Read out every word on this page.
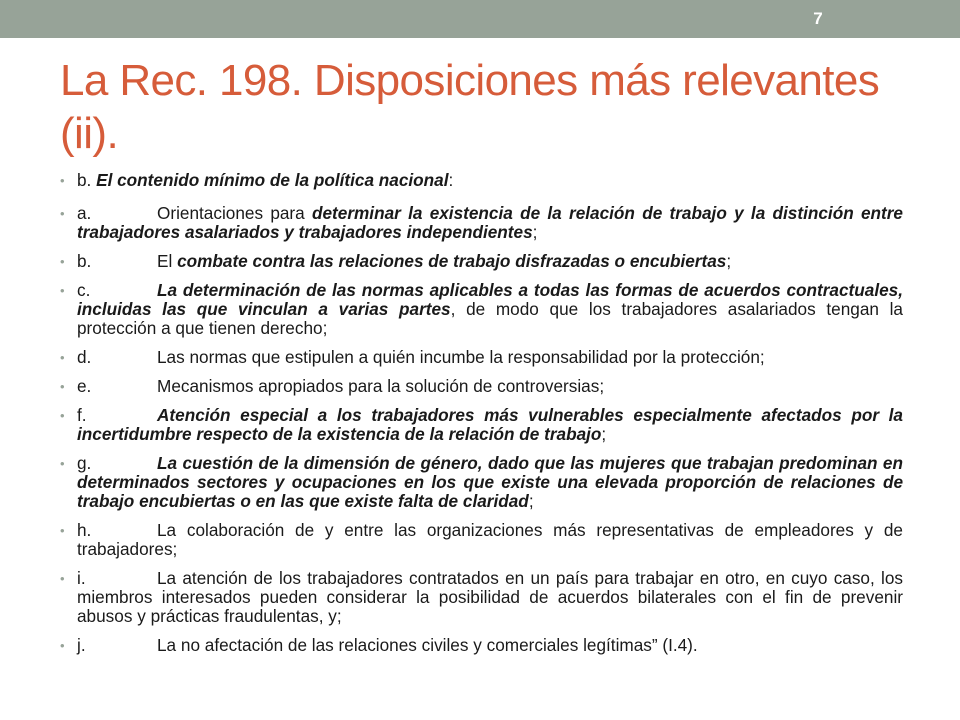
7
La Rec. 198. Disposiciones más relevantes (ii).
• b. El contenido mínimo de la política nacional:
• a.	Orientaciones para determinar la existencia de la relación de trabajo y la distinción entre trabajadores asalariados y trabajadores independientes;
• b.	El combate contra las relaciones de trabajo disfrazadas o encubiertas;
• c.	La determinación de las normas aplicables a todas las formas de acuerdos contractuales, incluidas las que vinculan a varias partes, de modo que los trabajadores asalariados tengan la protección a que tienen derecho;
• d.	Las normas que estipulen a quién incumbe la responsabilidad por la protección;
• e.	Mecanismos apropiados para la solución de controversias;
• f.	Atención especial a los trabajadores más vulnerables especialmente afectados por la incertidumbre respecto de la existencia de la relación de trabajo;
• g.	La cuestión de la dimensión de género, dado que las mujeres que trabajan predominan en determinados sectores y ocupaciones en los que existe una elevada proporción de relaciones de trabajo encubiertas o en las que existe falta de claridad;
• h.	La colaboración de y entre las organizaciones más representativas de empleadores y de trabajadores;
• i.	La atención de los trabajadores contratados en un país para trabajar en otro, en cuyo caso, los miembros interesados pueden considerar la posibilidad de acuerdos bilaterales con el fin de prevenir abusos y prácticas fraudulentas, y;
• j.	La no afectación de las relaciones civiles y comerciales legítimas” (I.4).
